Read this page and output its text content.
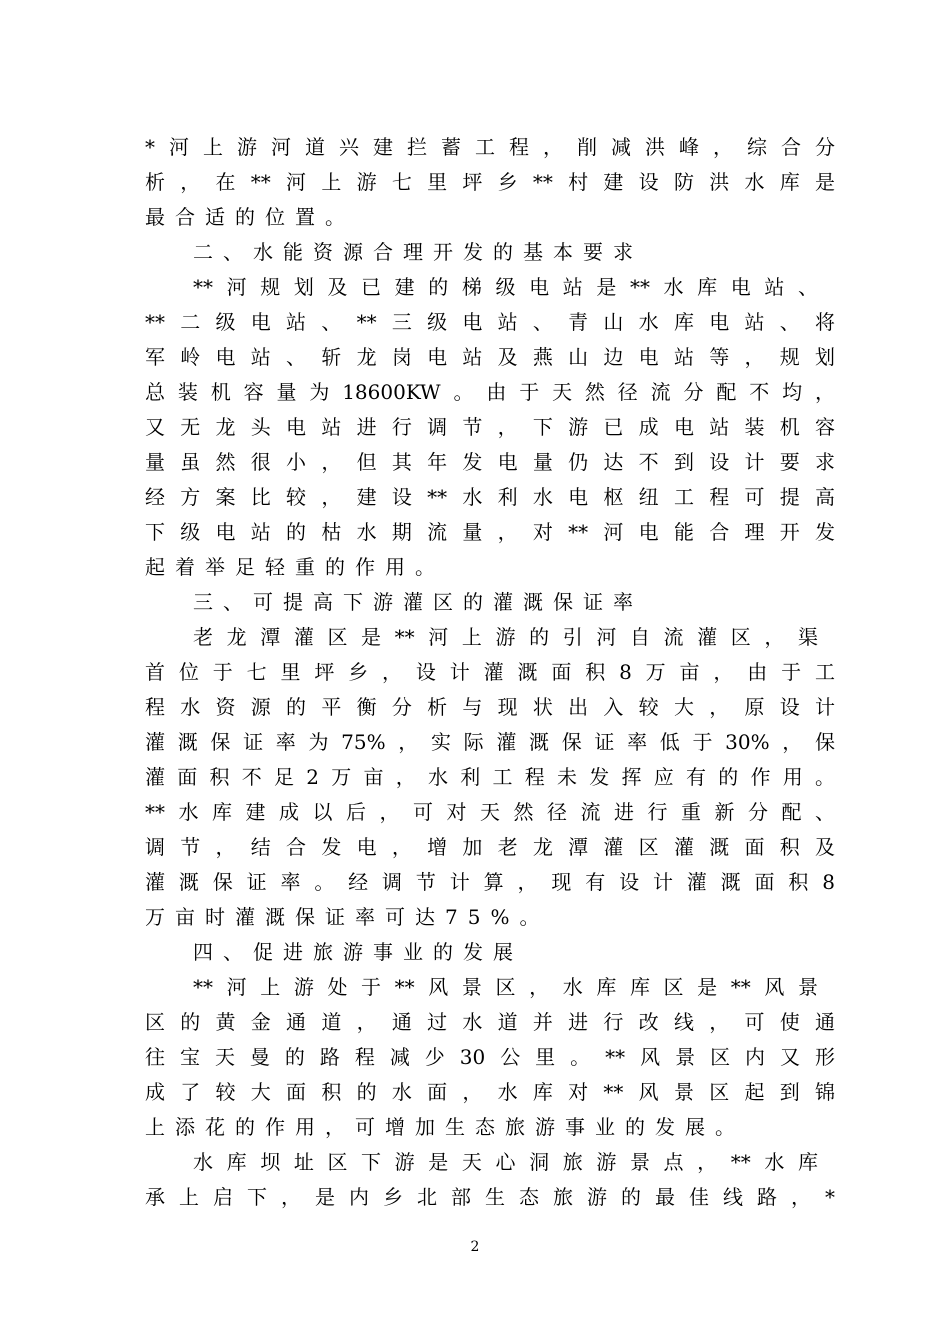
*河上游河道兴建拦蓄工程，削减洪峰，综合分
析，在**河上游七里坪乡**村建设防洪水库是
最合适的位置。
二、水能资源合理开发的基本要求
**河规划及已建的梯级电站是**水库电站、
**二级电站、**三级电站、青山水库电站、将
军岭电站、斩龙岗电站及燕山边电站等，规划
总装机容量为18600KW。由于天然径流分配不均，
又无龙头电站进行调节，下游已成电站装机容
量虽然很小，但其年发电量仍达不到设计要求
经方案比较，建设**水利水电枢纽工程可提高
下级电站的枯水期流量，对**河电能合理开发
起着举足轻重的作用。
三、可提高下游灌区的灌溉保证率
老龙潭灌区是**河上游的引河自流灌区，渠
首位于七里坪乡，设计灌溉面积8万亩，由于工
程水资源的平衡分析与现状出入较大，原设计
灌溉保证率为75%，实际灌溉保证率低于30%，保
灌面积不足2万亩，水利工程未发挥应有的作用。
**水库建成以后，可对天然径流进行重新分配、
调节，结合发电，增加老龙潭灌区灌溉面积及
灌溉保证率。经调节计算，现有设计灌溉面积8
万亩时灌溉保证率可达75%。
四、促进旅游事业的发展
**河上游处于**风景区，水库库区是**风景
区的黄金通道，通过水道并进行改线，可使通
往宝天曼的路程减少30公里。**风景区内又形
成了较大面积的水面，水库对**风景区起到锦
上添花的作用，可增加生态旅游事业的发展。
水库坝址区下游是天心洞旅游景点，**水库
承上启下，是内乡北部生态旅游的最佳线路，*
2
